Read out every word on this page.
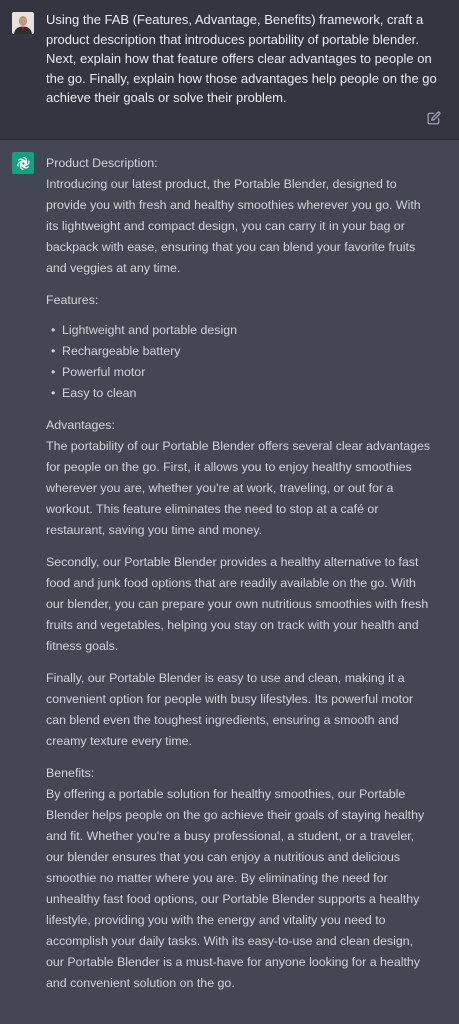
Using the FAB (Features, Advantage, Benefits) framework, craft a
product description that introduces portability of portable blender.
Next, explain how that feature offers clear advantages to people on
the go. Finally, explain how those advantages help people on the go
achieve their goals or solve their problem.

Product Description:
Introducing our latest product, the Portable Blender, designed to
provide you with fresh and healthy smoothies wherever you go. With
its lightweight and compact design, you can carry it in your bag or
backpack with ease, ensuring that you can blend your favorite fruits
and veggies at any time.

Features:

• Lightweight and portable design
• Rechargeable battery
• Powerful motor
• Easy to clean

Advantages:
The portability of our Portable Blender offers several clear advantages
for people on the go. First, it allows you to enjoy healthy smoothies
wherever you are, whether you're at work, traveling, or out for a
workout. This feature eliminates the need to stop at a café or
restaurant, saving you time and money.

Secondly, our Portable Blender provides a healthy alternative to fast
food and junk food options that are readily available on the go. With
our blender, you can prepare your own nutritious smoothies with fresh
fruits and vegetables, helping you stay on track with your health and
fitness goals.

Finally, our Portable Blender is easy to use and clean, making it a
convenient option for people with busy lifestyles. Its powerful motor
can blend even the toughest ingredients, ensuring a smooth and
creamy texture every time.

Benefits:
By offering a portable solution for healthy smoothies, our Portable
Blender helps people on the go achieve their goals of staying healthy
and fit. Whether you're a busy professional, a student, or a traveler,
our blender ensures that you can enjoy a nutritious and delicious
smoothie no matter where you are. By eliminating the need for
unhealthy fast food options, our Portable Blender supports a healthy
lifestyle, providing you with the energy and vitality you need to
accomplish your daily tasks. With its easy-to-use and clean design,
our Portable Blender is a must-have for anyone looking for a healthy
and convenient solution on the go.
